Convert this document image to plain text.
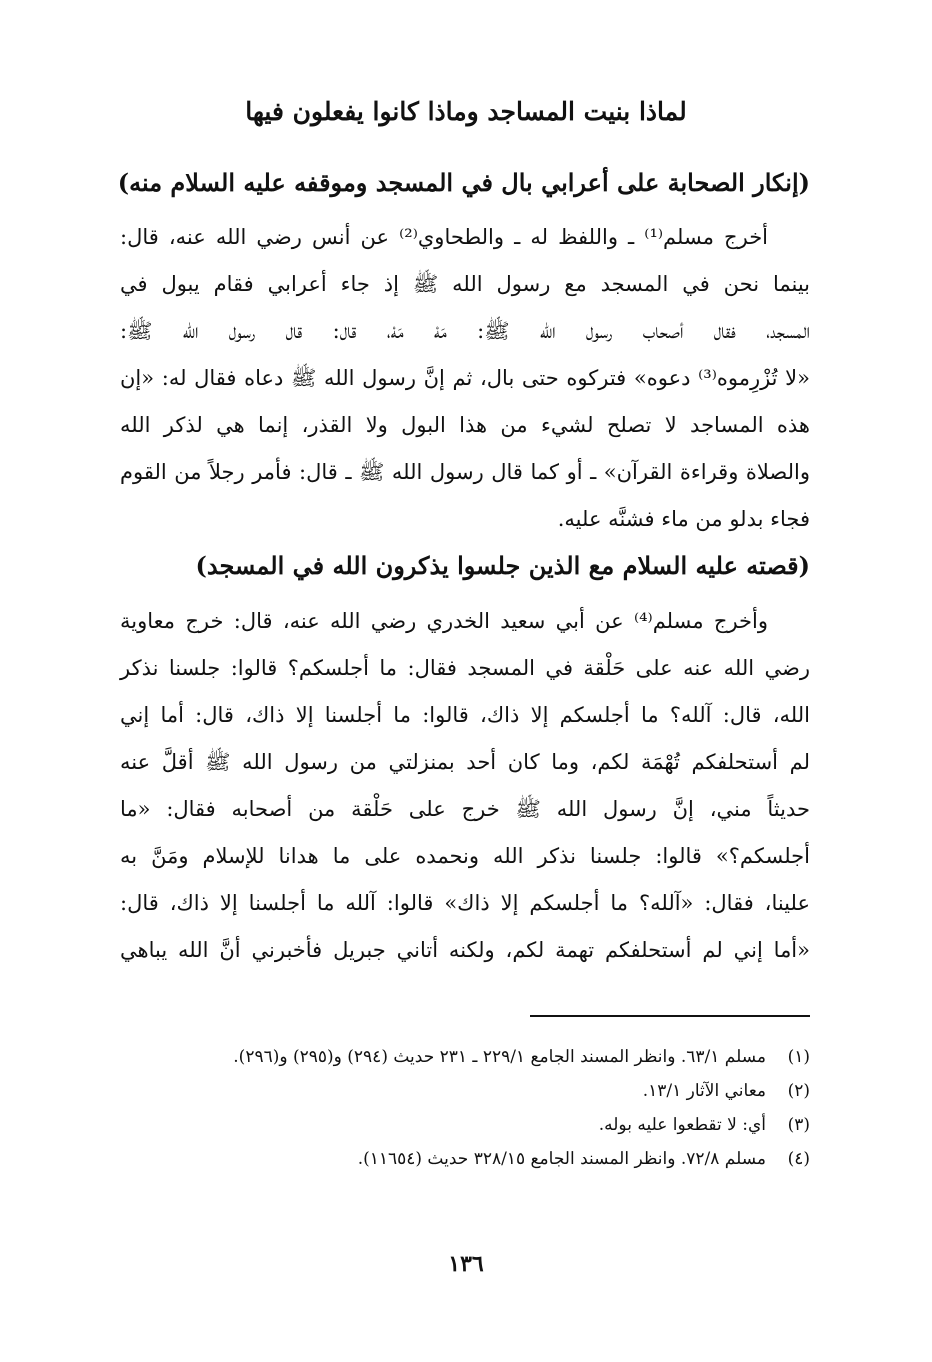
لماذا بنيت المساجد وماذا كانوا يفعلون فيها
(إنكار الصحابة على أعرابي بال في المسجد وموقفه عليه السلام منه)
أخرج مسلم⁽¹⁾ ـ واللفظ له ـ والطحاوي⁽²⁾ عن أنس رضي الله عنه، قال:
بينما نحن في المسجد مع رسول الله ﷺ إذ جاء أعرابي فقام يبول في
المسجد، فقال أصحاب رسول الله ﷺ: مَهْ مَهْ، قال: قال رسول الله ﷺ:
«لا تُزْرِموه⁽³⁾ دعوه» فتركوه حتى بال، ثم إنَّ رسول الله ﷺ دعاه فقال له: «إن
هذه المساجد لا تصلح لشيء من هذا البول ولا القذر، إنما هي لذكر الله
والصلاة وقراءة القرآن» ـ أو كما قال رسول الله ﷺ ـ قال: فأمر رجلاً من القوم
فجاء بدلو من ماء فشنَّه عليه.
(قصته عليه السلام مع الذين جلسوا يذكرون الله في المسجد)
وأخرج مسلم⁽⁴⁾ عن أبي سعيد الخدري رضي الله عنه، قال: خرج معاوية
رضي الله عنه على حَلْقة في المسجد فقال: ما أجلسكم؟ قالوا: جلسنا نذكر
الله، قال: آلله؟ ما أجلسكم إلا ذاك، قالوا: ما أجلسنا إلا ذاك، قال: أما إني
لم أستحلفكم تُهْمَة لكم، وما كان أحد بمنزلتي من رسول الله ﷺ أقلَّ عنه
حديثاً مني، إنَّ رسول الله ﷺ خرج على حَلْقة من أصحابه فقال: «ما
أجلسكم؟» قالوا: جلسنا نذكر الله ونحمده على ما هدانا للإسلام ومَنَّ به
علينا، فقال: «آلله؟ ما أجلسكم إلا ذاك» قالوا: آلله ما أجلسنا إلا ذاك، قال:
«أما إني لم أستحلفكم تهمة لكم، ولكنه أتاني جبريل فأخبرني أنَّ الله يباهي
(١)
مسلم ٦٣/١. وانظر المسند الجامع ٢٢٩/١ ـ ٢٣١ حديث (٢٩٤) و(٢٩٥) و(٢٩٦).
(٢)
معاني الآثار ١٣/١.
(٣)
أي: لا تقطعوا عليه بوله.
(٤)
مسلم ٧٢/٨. وانظر المسند الجامع ٣٢٨/١٥ حديث (١١٦٥٤).
١٣٦
